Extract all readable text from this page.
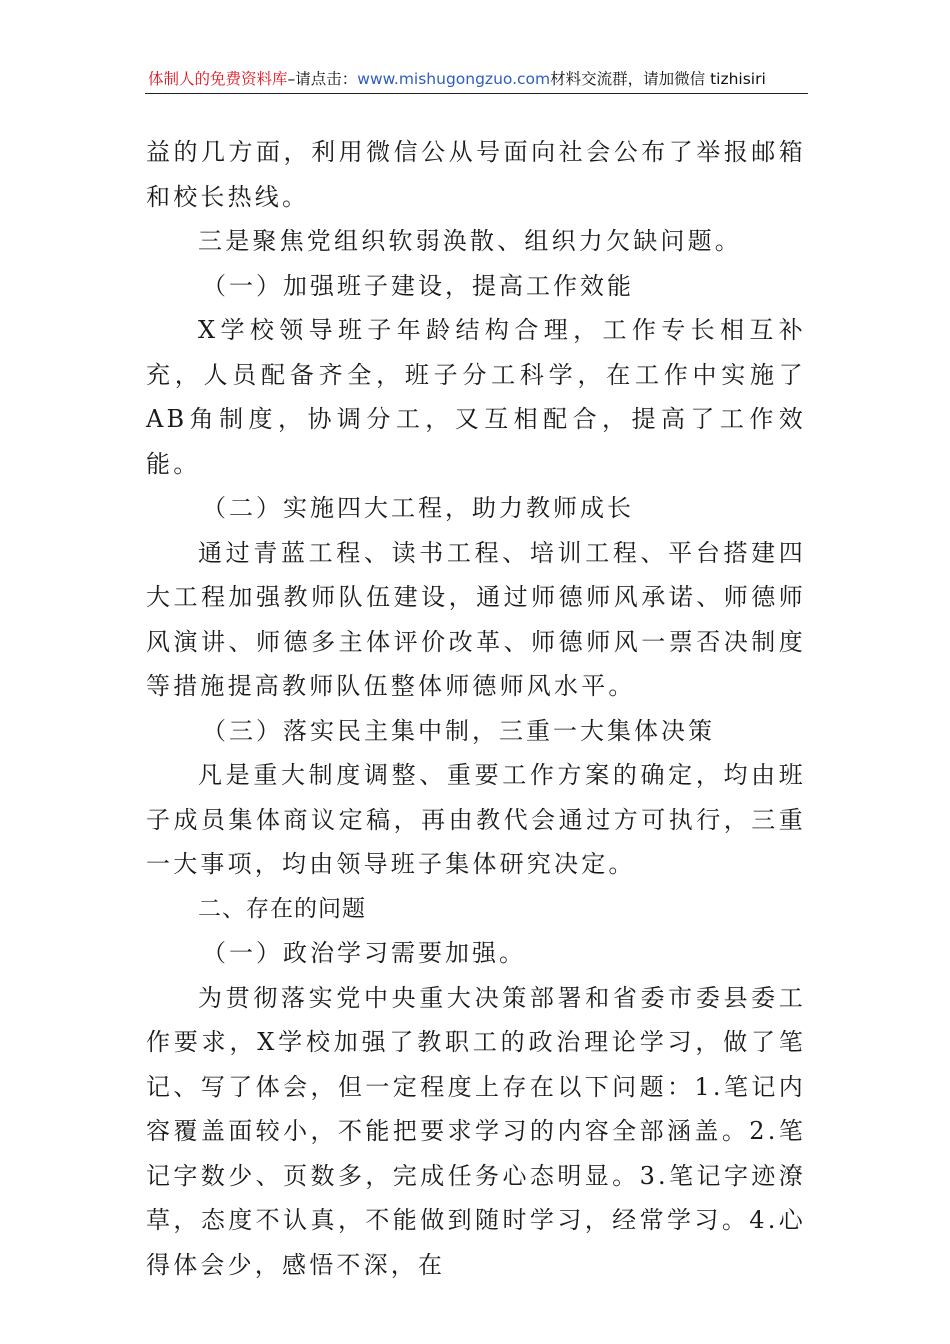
体制人的免费资料库–请点击：www.mishugongzuo.com材料交流群，请加微信 tizhisiri

益的几方面，利用微信公从号面向社会公布了举报邮箱和校长热线。

三是聚焦党组织软弱涣散、组织力欠缺问题。

（一）加强班子建设，提高工作效能

X学校领导班子年龄结构合理，工作专长相互补充，人员配备齐全，班子分工科学，在工作中实施了AB角制度，协调分工，又互相配合，提高了工作效能。

（二）实施四大工程，助力教师成长

通过青蓝工程、读书工程、培训工程、平台搭建四大工程加强教师队伍建设，通过师德师风承诺、师德师风演讲、师德多主体评价改革、师德师风一票否决制度等措施提高教师队伍整体师德师风水平。

（三）落实民主集中制，三重一大集体决策

凡是重大制度调整、重要工作方案的确定，均由班子成员集体商议定稿，再由教代会通过方可执行，三重一大事项，均由领导班子集体研究决定。

二、存在的问题

（一）政治学习需要加强。

为贯彻落实党中央重大决策部署和省委市委县委工作要求，X学校加强了教职工的政治理论学习，做了笔记、写了体会，但一定程度上存在以下问题：1.笔记内容覆盖面较小，不能把要求学习的内容全部涵盖。2.笔记字数少、页数多，完成任务心态明显。3.笔记字迹潦草，态度不认真，不能做到随时学习，经常学习。4.心得体会少，感悟不深，在
